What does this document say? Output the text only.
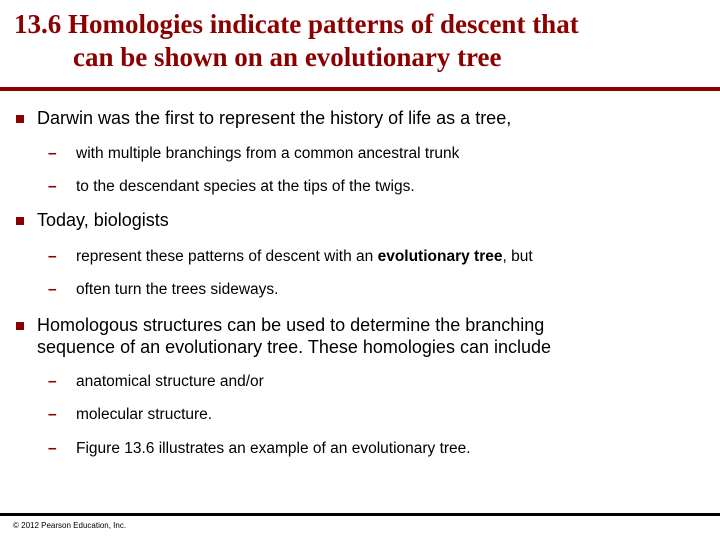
13.6 Homologies indicate patterns of descent that
can be shown on an evolutionary tree
Darwin was the first to represent the history of life as a tree,
– with multiple branchings from a common ancestral trunk
– to the descendant species at the tips of the twigs.
Today, biologists
– represent these patterns of descent with an evolutionary tree, but
– often turn the trees sideways.
Homologous structures can be used to determine the branching
sequence of an evolutionary tree. These homologies can include
– anatomical structure and/or
– molecular structure.
– Figure 13.6 illustrates an example of an evolutionary tree.
© 2012 Pearson Education, Inc.
